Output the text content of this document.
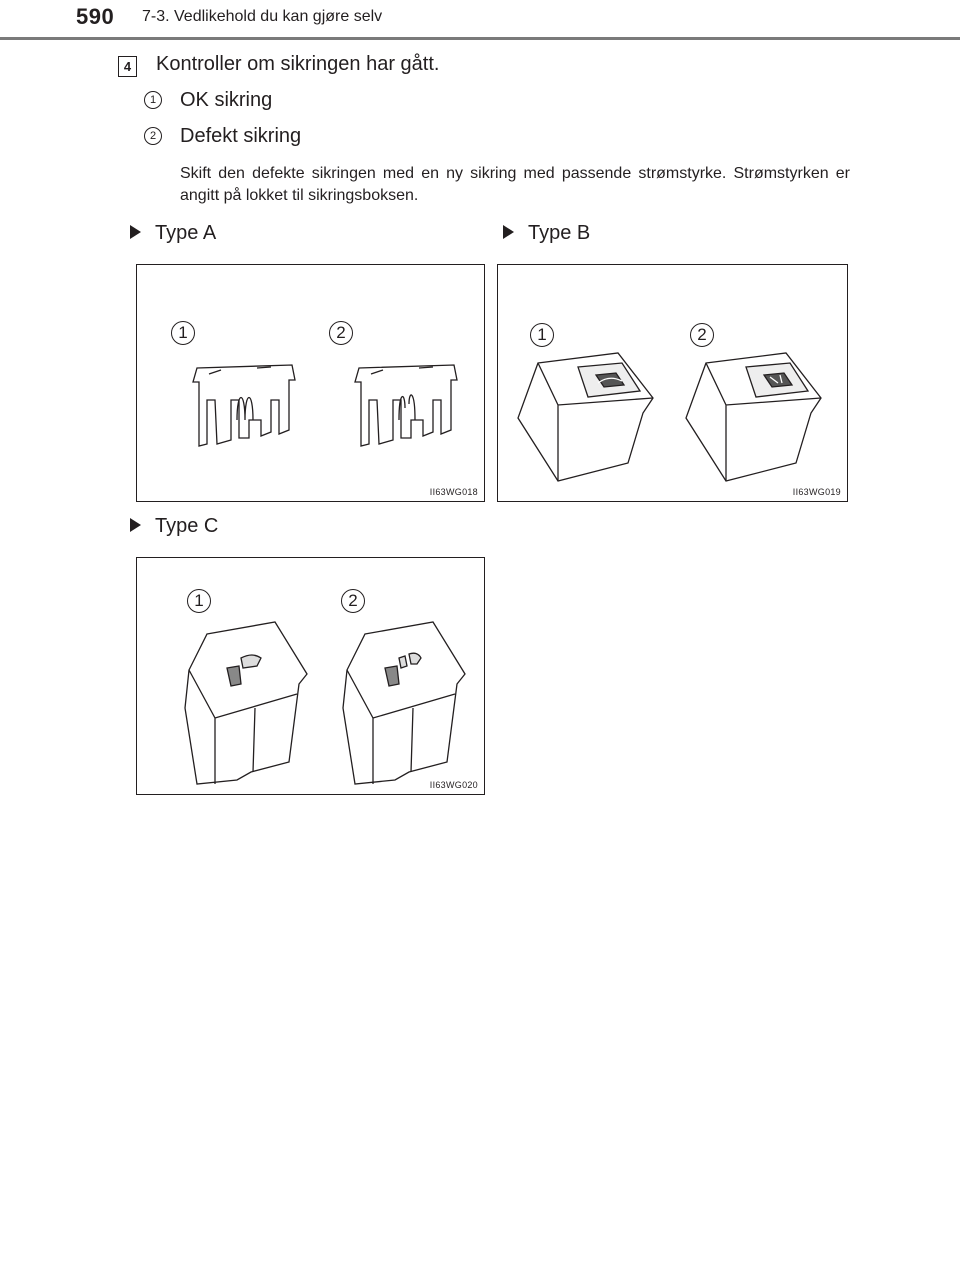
590 7-3. Vedlikehold du kan gjøre selv
4 Kontroller om sikringen har gått.
1 OK sikring
2 Defekt sikring
Skift den defekte sikringen med en ny sikring med passende strømstyrke. Strømstyrken er angitt på lokket til sikringsboksen.
Type A	Type B
Type C
1	2
II63WG018
1	2
II63WG019
1	2
II63WG020
